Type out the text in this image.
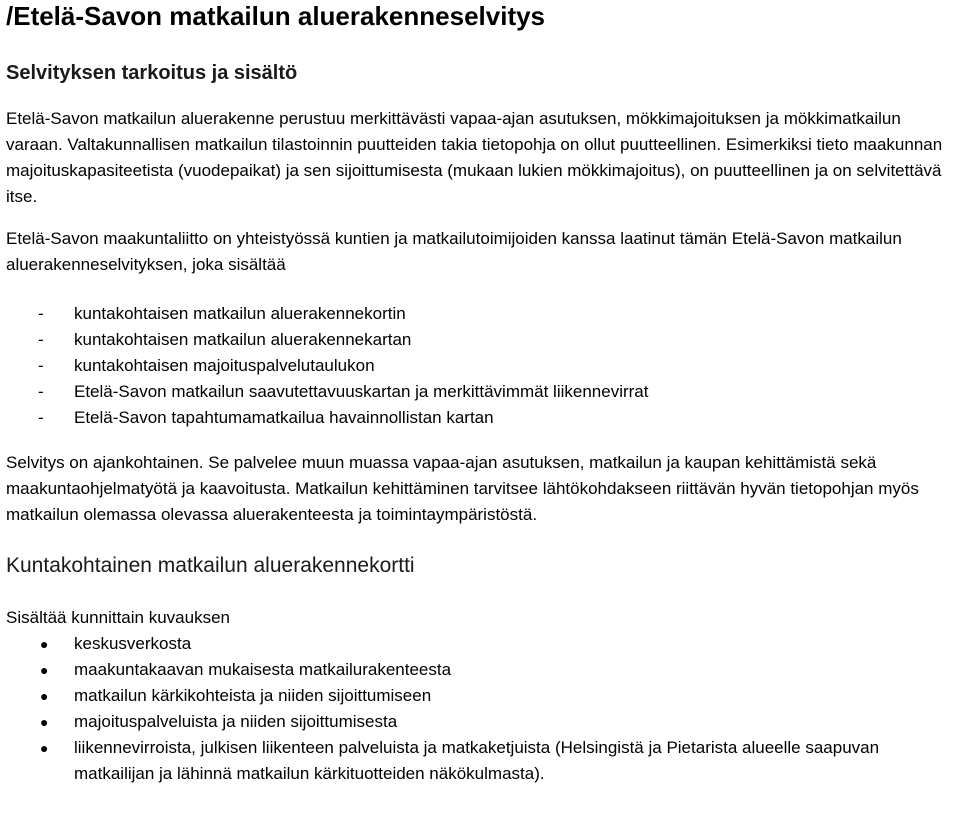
/Etelä-Savon matkailun aluerakenneselvitys
Selvityksen tarkoitus ja sisältö

Etelä-Savon matkailun aluerakenne perustuu merkittävästi vapaa-ajan asutuksen, mökkimajoituksen ja mökkimatkailun varaan. Valtakunnallisen matkailun tilastoinnin puutteiden takia tietopohja on ollut puutteellinen. Esimerkiksi tieto maakunnan majoituskapasiteetista (vuodepaikat) ja sen sijoittumisesta (mukaan lukien mökkimajoitus), on puutteellinen ja on selvitettävä itse.

Etelä-Savon maakuntaliitto on yhteistyössä kuntien ja matkailutoimijoiden kanssa laatinut tämän Etelä-Savon matkailun aluerakenneselvityksen, joka sisältää

-	kuntakohtaisen matkailun aluerakennekortin
-	kuntakohtaisen matkailun aluerakennekartan
-	kuntakohtaisen majoituspalvelutaulukon
-	Etelä-Savon matkailun saavutettavuuskartan ja merkittävimmät liikennevirrat
-	Etelä-Savon tapahtumamatkailua havainnollistan kartan

Selvitys on ajankohtainen. Se palvelee muun muassa vapaa-ajan asutuksen, matkailun ja kaupan kehittämistä sekä maakuntaohjelmatyötä ja kaavoitusta. Matkailun kehittäminen tarvitsee lähtökohdakseen riittävän hyvän tietopohjan myös matkailun olemassa olevassa aluerakenteesta ja toimintaympäristöstä.

Kuntakohtainen matkailun aluerakennekortti
Sisältää kunnittain kuvauksen
●	keskusverkosta
●	maakuntakaavan mukaisesta matkailurakenteesta
●	matkailun kärkikohteista ja niiden sijoittumiseen
●	majoituspalveluista ja niiden sijoittumisesta
●	liikennevirroista, julkisen liikenteen palveluista ja matkaketjuista (Helsingistä ja Pietarista alueelle saapuvan matkailijan ja lähinnä matkailun kärkituotteiden näkökulmasta).
